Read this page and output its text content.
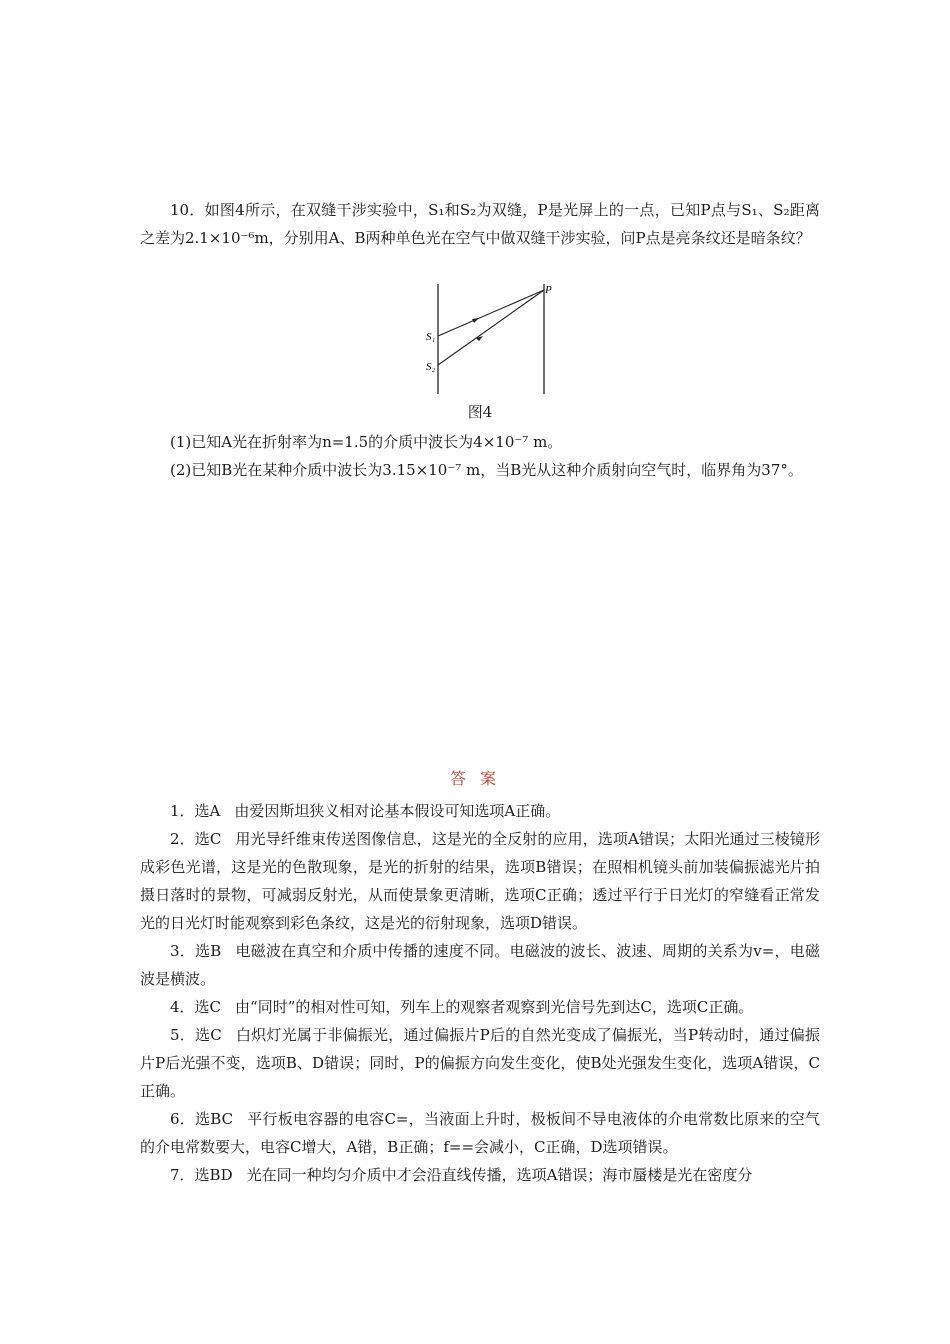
10．如图4所示，在双缝干涉实验中，S₁和S₂为双缝，P是光屏上的一点，已知P点与S₁、S₂距离之差为2.1×10⁻⁶m，分别用A、B两种单色光在空气中做双缝干涉实验，问P点是亮条纹还是暗条纹？

P
S₁
S₂
图4

(1)已知A光在折射率为n=1.5的介质中波长为4×10⁻⁷ m。

(2)已知B光在某种介质中波长为3.15×10⁻⁷ m，当B光从这种介质射向空气时，临界角为37°。

答案

1．选A 由爱因斯坦狭义相对论基本假设可知选项A正确。

2．选C 用光导纤维束传送图像信息，这是光的全反射的应用，选项A错误；太阳光通过三棱镜形成彩色光谱，这是光的色散现象，是光的折射的结果，选项B错误；在照相机镜头前加装偏振滤光片拍摄日落时的景物，可减弱反射光，从而使景象更清晰，选项C正确；透过平行于日光灯的窄缝看正常发光的日光灯时能观察到彩色条纹，这是光的衍射现象，选项D错误。

3．选B 电磁波在真空和介质中传播的速度不同。电磁波的波长、波速、周期的关系为v=，电磁波是横波。

4．选C 由“同时”的相对性可知，列车上的观察者观察到光信号先到达C，选项C正确。

5．选C 白炽灯光属于非偏振光，通过偏振片P后的自然光变成了偏振光，当P转动时，通过偏振片P后光强不变，选项B、D错误；同时，P的偏振方向发生变化，使B处光强发生变化，选项A错误，C正确。

6．选BC 平行板电容器的电容C=，当液面上升时，极板间不导电液体的介电常数比原来的空气的介电常数要大，电容C增大，A错，B正确；f==会减小，C正确，D选项错误。

7．选BD 光在同一种均匀介质中才会沿直线传播，选项A错误；海市蜃楼是光在密度分
